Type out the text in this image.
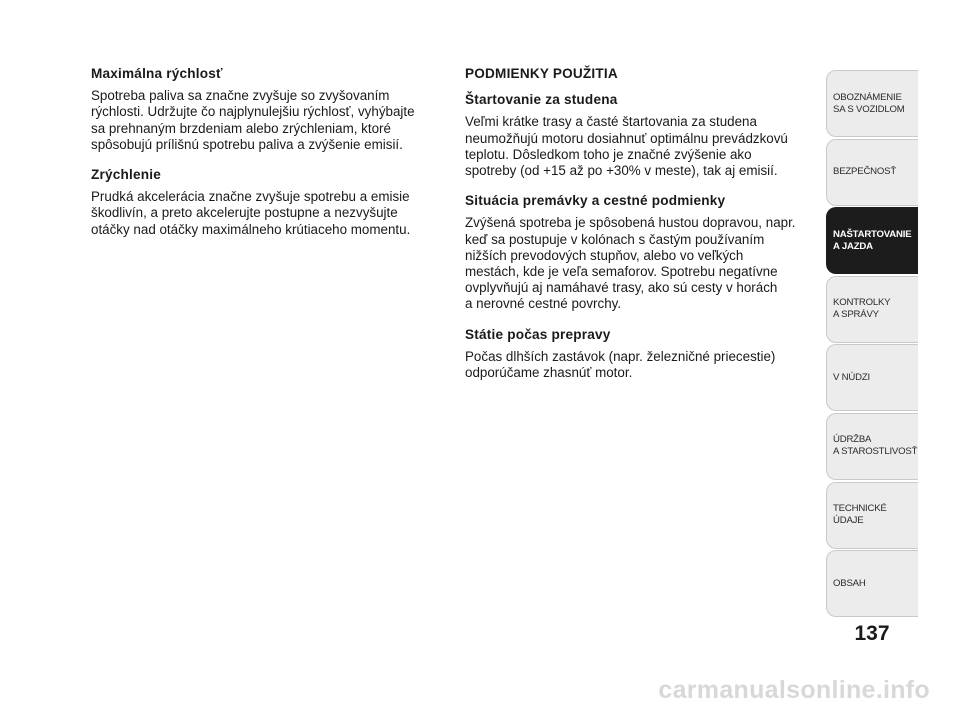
Maximálna rýchlosť

Spotreba paliva sa značne zvyšuje so zvyšovaním
rýchlosti. Udržujte čo najplynulejšiu rýchlosť, vyhýbajte
sa prehnaným brzdeniam alebo zrýchleniam, ktoré
spôsobujú prílišnú spotrebu paliva a zvýšenie emisií.

Zrýchlenie

Prudká akcelerácia značne zvyšuje spotrebu a emisie
škodlivín, a preto akcelerujte postupne a nezvyšujte
otáčky nad otáčky maximálneho krútiaceho momentu.

PODMIENKY POUŽITIA
Štartovanie za studena

Veľmi krátke trasy a časté štartovania za studena
neumožňujú motoru dosiahnuť optimálnu prevádzkovú
teplotu. Dôsledkom toho je značné zvýšenie ako
spotreby (od +15 až po +30% v meste), tak aj emisií.

Situácia premávky a cestné podmienky

Zvýšená spotreba je spôsobená hustou dopravou, napr.
keď sa postupuje v kolónach s častým používaním
nižších prevodových stupňov, alebo vo veľkých
mestách, kde je veľa semaforov. Spotrebu negatívne
ovplyvňujú aj namáhavé trasy, ako sú cesty v horách
a nerovné cestné povrchy.

Státie počas prepravy

Počas dlhších zastávok (napr. železničné priecestie)
odporúčame zhasnúť motor.

OBOZNÁMENIE
SA S VOZIDLOM
BEZPEČNOSŤ
NAŠTARTOVANIE
A JAZDA
KONTROLKY
A SPRÁVY
V NÚDZI
ÚDRŽBA
A STAROSTLIVOSŤ
TECHNICKÉ
ÚDAJE
OBSAH
137
carmanualsonline.info
